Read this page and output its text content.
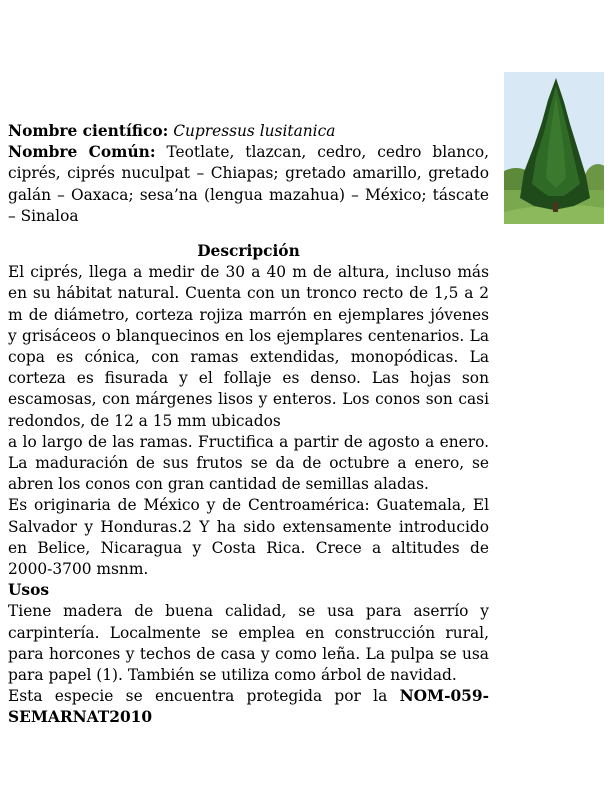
Nombre científico: Cupressus lusitanica

Nombre Común: Teotlate, tlazcan, cedro, cedro blanco, ciprés, ciprés nuculpat – Chiapas; gretado amarillo, gretado galán – Oaxaca; sesa’na (lengua mazahua) – México; táscate – Sinaloa

Descripción

El ciprés, llega a medir de 30 a 40 m de altura, incluso más en su hábitat natural. Cuenta con un tronco recto de 1,5 a 2 m de diámetro, corteza rojiza marrón en ejemplares jóvenes y grisáceos o blanquecinos en los ejemplares centenarios. La copa es cónica, con ramas extendidas, monopódicas. La corteza es fisurada y el follaje es denso. Las hojas son escamosas, con márgenes lisos y enteros. Los conos son casi redondos, de 12 a 15 mm ubicados

a lo largo de las ramas. Fructifica a partir de agosto a enero. La maduración de sus frutos se da de octubre a enero, se abren los conos con gran cantidad de semillas aladas.

Es originaria de México y de Centroamérica: Guatemala, El Salvador y Honduras.2 Y ha sido extensamente introducido en Belice, Nicaragua y Costa Rica. Crece a altitudes de 2000-3700 msnm.

Usos

Tiene madera de buena calidad, se usa para aserrío y carpintería. Localmente se emplea en construcción rural, para horcones y techos de casa y como leña. La pulpa se usa para papel (1). También se utiliza como árbol de navidad.

Esta especie se encuentra protegida por la NOM-059-SEMARNAT2010
